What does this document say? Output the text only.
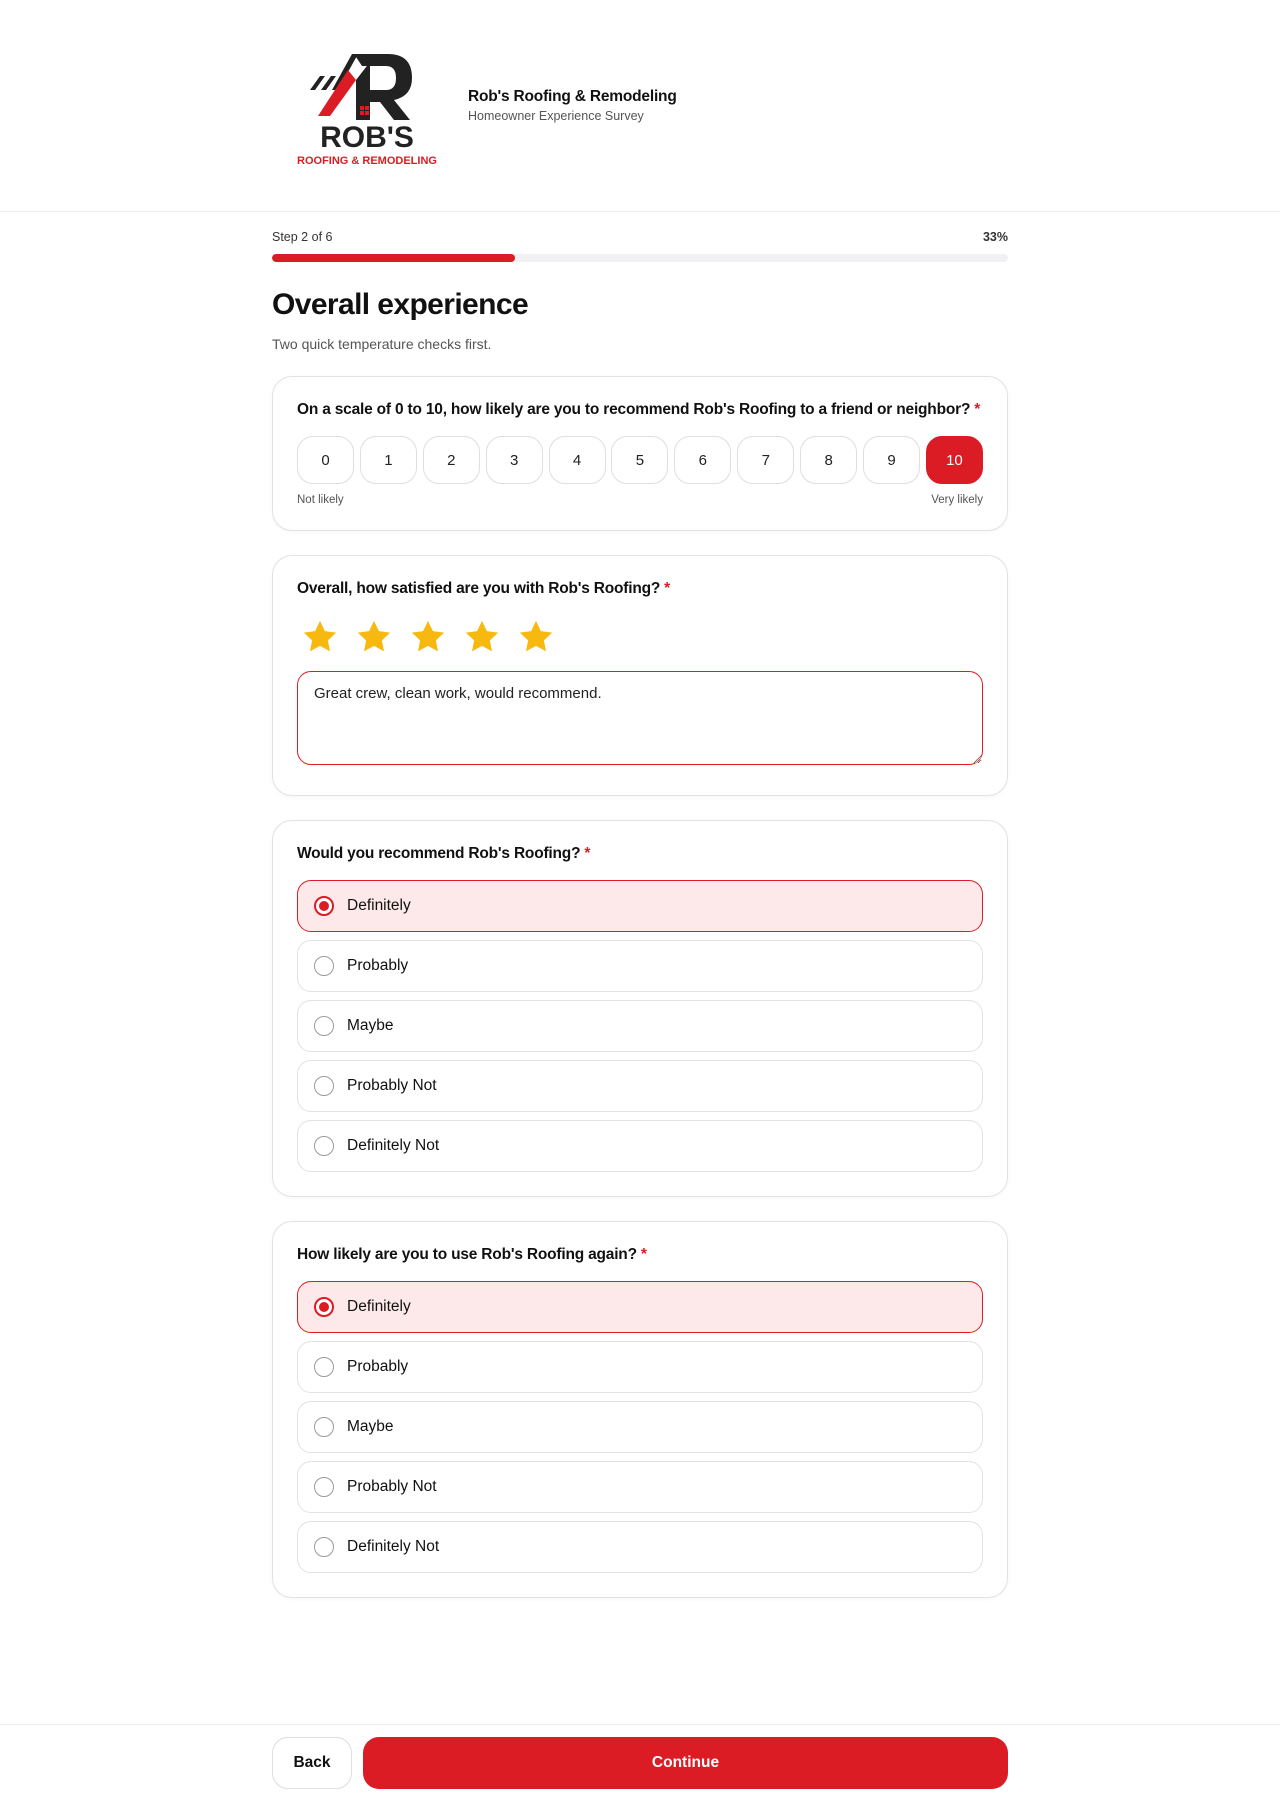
ROB'S
ROOFING & REMODELING
Rob's Roofing & Remodeling
Homeowner Experience Survey
Step 2 of 6	33%
Overall experience
Two quick temperature checks first.
On a scale of 0 to 10, how likely are you to recommend Rob's Roofing to a friend or neighbor? *
0	1	2	3	4	5	6	7	8	9	10
Not likely	Very likely
Overall, how satisfied are you with Rob's Roofing? *
Great crew, clean work, would recommend.
Would you recommend Rob's Roofing? *
Definitely
Probably
Maybe
Probably Not
Definitely Not
How likely are you to use Rob's Roofing again? *
Definitely
Probably
Maybe
Probably Not
Definitely Not
Back	Continue
